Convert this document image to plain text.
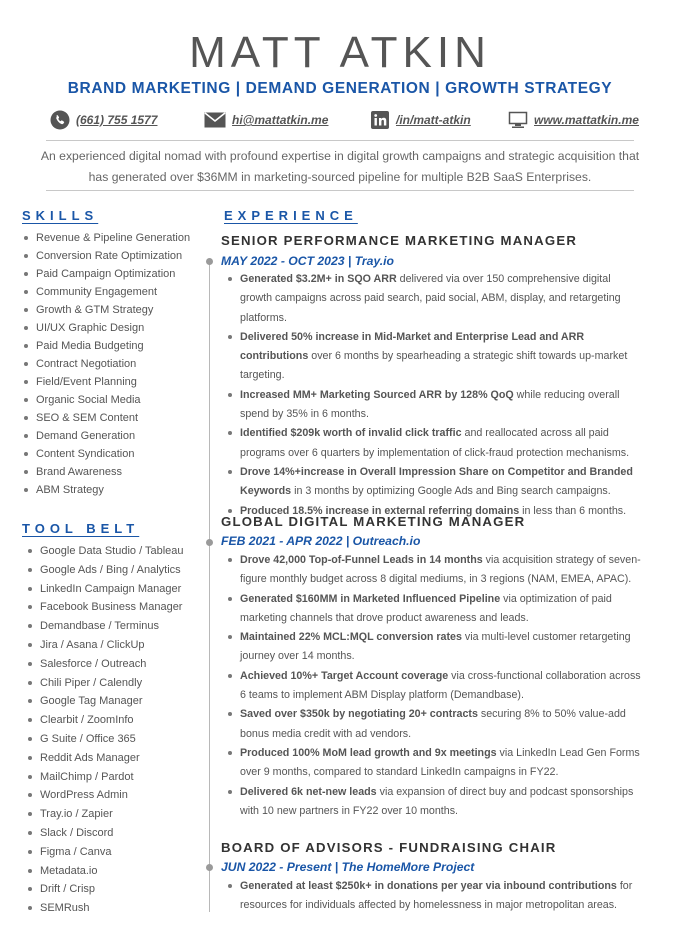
MATT ATKIN
BRAND MARKETING | DEMAND GENERATION | GROWTH STRATEGY
(661) 755 1577	hi@mattatkin.me	/in/matt-atkin	www.mattatkin.me
An experienced digital nomad with profound expertise in digital growth campaigns and strategic acquisition that has generated over $36MM in marketing-sourced pipeline for multiple B2B SaaS Enterprises.
SKILLS
Revenue & Pipeline Generation
Conversion Rate Optimization
Paid Campaign Optimization
Community Engagement
Growth & GTM Strategy
UI/UX Graphic Design
Paid Media Budgeting
Contract Negotiation
Field/Event Planning
Organic Social Media
SEO & SEM Content
Demand Generation
Content Syndication
Brand Awareness
ABM Strategy
TOOL BELT
Google Data Studio / Tableau
Google Ads / Bing / Analytics
LinkedIn Campaign Manager
Facebook Business Manager
Demandbase / Terminus
Jira / Asana / ClickUp
Salesforce / Outreach
Chili Piper / Calendly
Google Tag Manager
Clearbit / ZoomInfo
G Suite / Office 365
Reddit Ads Manager
MailChimp / Pardot
WordPress Admin
Tray.io / Zapier
Slack / Discord
Figma / Canva
Metadata.io
Drift / Crisp
SEMRush
EXPERIENCE
SENIOR PERFORMANCE MARKETING MANAGER
MAY 2022 - OCT 2023 | Tray.io
Generated $3.2M+ in SQO ARR delivered via over 150 comprehensive digital growth campaigns across paid search, paid social, ABM, display, and retargeting platforms.
Delivered 50% increase in Mid-Market and Enterprise Lead and ARR contributions over 6 months by spearheading a strategic shift towards up-market targeting.
Increased MM+ Marketing Sourced ARR by 128% QoQ while reducing overall spend by 35% in 6 months.
Identified $209k worth of invalid click traffic and reallocated across all paid programs over 6 quarters by implementation of click-fraud protection mechanisms.
Drove 14%+increase in Overall Impression Share on Competitor and Branded Keywords in 3 months by optimizing Google Ads and Bing search campaigns.
Produced 18.5% increase in external referring domains in less than 6 months.
GLOBAL DIGITAL MARKETING MANAGER
FEB 2021 - APR 2022 | Outreach.io
Drove 42,000 Top-of-Funnel Leads in 14 months via acquisition strategy of seven-figure monthly budget across 8 digital mediums, in 3 regions (NAM, EMEA, APAC).
Generated $160MM in Marketed Influenced Pipeline via optimization of paid marketing channels that drove product awareness and leads.
Maintained 22% MCL:MQL conversion rates via multi-level customer retargeting journey over 14 months.
Achieved 10%+ Target Account coverage via cross-functional collaboration across 6 teams to implement ABM Display platform (Demandbase).
Saved over $350k by negotiating 20+ contracts securing 8% to 50% value-add bonus media credit with ad vendors.
Produced 100% MoM lead growth and 9x meetings via LinkedIn Lead Gen Forms over 9 months, compared to standard LinkedIn campaigns in FY22.
Delivered 6k net-new leads via expansion of direct buy and podcast sponsorships with 10 new partners in FY22 over 10 months.
BOARD OF ADVISORS - FUNDRAISING CHAIR
JUN 2022 - Present | The HomeMore Project
Generated at least $250k+ in donations per year via inbound contributions for resources for individuals affected by homelessness in major metropolitan areas.
